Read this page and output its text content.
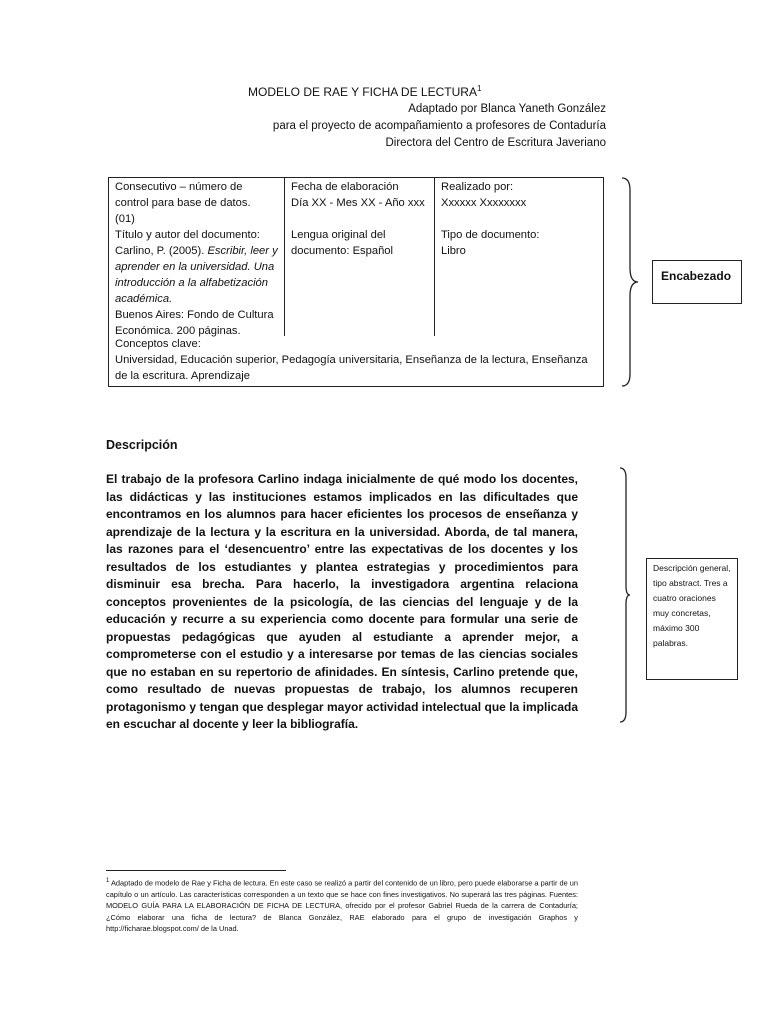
MODELO DE RAE Y FICHA DE LECTURA$^1$
Adaptado por Blanca Yaneth González
para el proyecto de acompañamiento a profesores de Contaduría
Directora del Centro de Escritura Javeriano
Consecutivo – número de control para base de datos.
(01)
Título y autor del documento:
Carlino, P. (2005). Escribir, leer y aprender en la universidad. Una introducción a la alfabetización académica.
Buenos Aires: Fondo de Cultura Económica. 200 páginas.
Fecha de elaboración
Día XX - Mes XX - Año xxx
Lengua original del documento: Español
Realizado por:
Xxxxxx Xxxxxxxx
Tipo de documento:
Libro
Conceptos clave:
Universidad, Educación superior, Pedagogía universitaria, Enseñanza de la lectura, Enseñanza de la escritura. Aprendizaje
Encabezado
Descripción
El trabajo de la profesora Carlino indaga inicialmente de qué modo los docentes, las didácticas y las instituciones estamos implicados en las dificultades que encontramos en los alumnos para hacer eficientes los procesos de enseñanza y aprendizaje de la lectura y la escritura en la universidad. Aborda, de tal manera, las razones para el ‘desencuentro’ entre las expectativas de los docentes y los resultados de los estudiantes y plantea estrategias y procedimientos para disminuir esa brecha. Para hacerlo, la investigadora argentina relaciona conceptos provenientes de la psicología, de las ciencias del lenguaje y de la educación y recurre a su experiencia como docente para formular una serie de propuestas pedagógicas que ayuden al estudiante a aprender mejor, a comprometerse con el estudio y a interesarse por temas de las ciencias sociales que no estaban en su repertorio de afinidades. En síntesis, Carlino pretende que, como resultado de nuevas propuestas de trabajo, los alumnos recuperen protagonismo y tengan que desplegar mayor actividad intelectual que la implicada en escuchar al docente y leer la bibliografía.
Descripción general, tipo abstract. Tres a cuatro oraciones muy concretas, máximo 300 palabras.
$^1$ Adaptado de modelo de Rae y Ficha de lectura. En este caso se realizó a partir del contenido de un libro, pero puede elaborarse a partir de un capítulo o un artículo. Las características corresponden a un texto que se hace con fines investigativos. No superará las tres páginas. Fuentes: MODELO GUÍA PARA LA ELABORACIÓN DE FICHA DE LECTURA, ofrecido por el profesor Gabriel Rueda de la carrera de Contaduría; ¿Cómo elaborar una ficha de lectura? de Blanca González, RAE elaborado para el grupo de investigación Graphos y http://ficharae.blogspot.com/ de la Unad.
